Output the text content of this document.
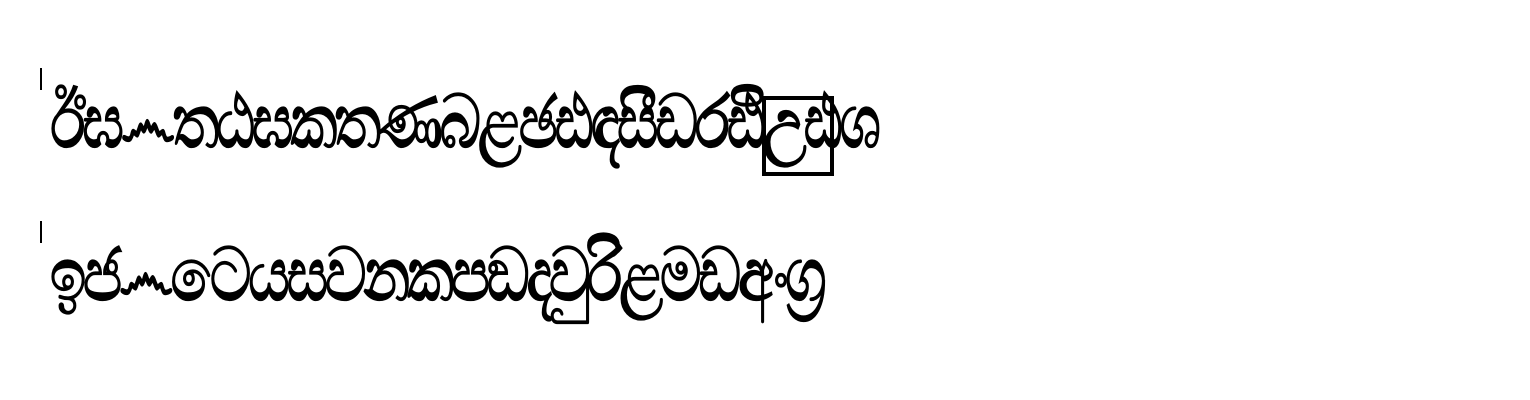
ඊඝ෴තඨඝකතණබළඡඪඳසීඩ෮ඪිඋඪශ
ඉජ෴ටෙයසවනකපඞදවුරිළමඩඅංග්‍ර
